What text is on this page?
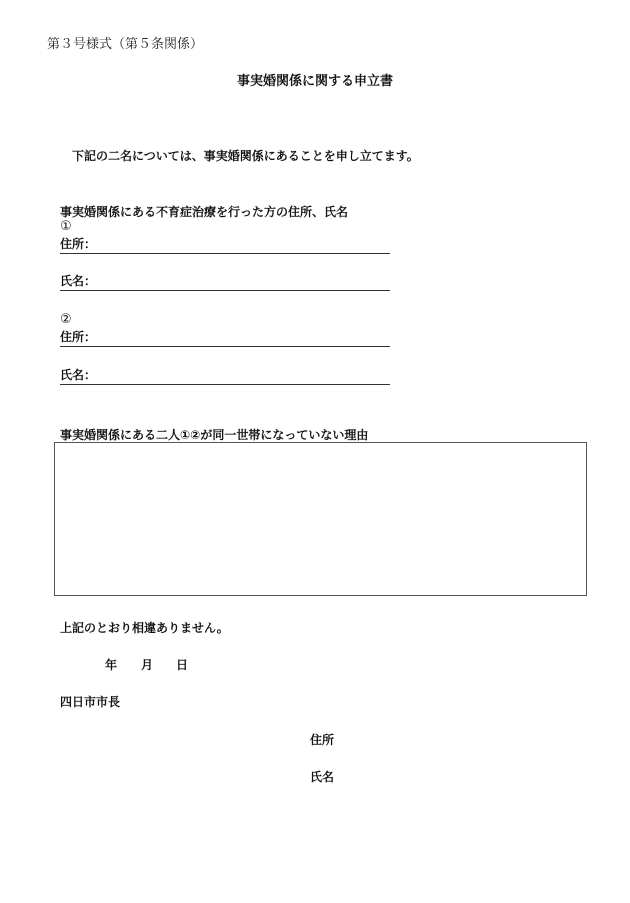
第３号様式（第５条関係）
事実婚関係に関する申立書
下記の二名については、事実婚関係にあることを申し立てます。
事実婚関係にある不育症治療を行った方の住所、氏名
①
住所：
氏名：
②
住所：
氏名：
事実婚関係にある二人①②が同一世帯になっていない理由
上記のとおり相違ありません。
年 月 日
四日市市長
住所
氏名
